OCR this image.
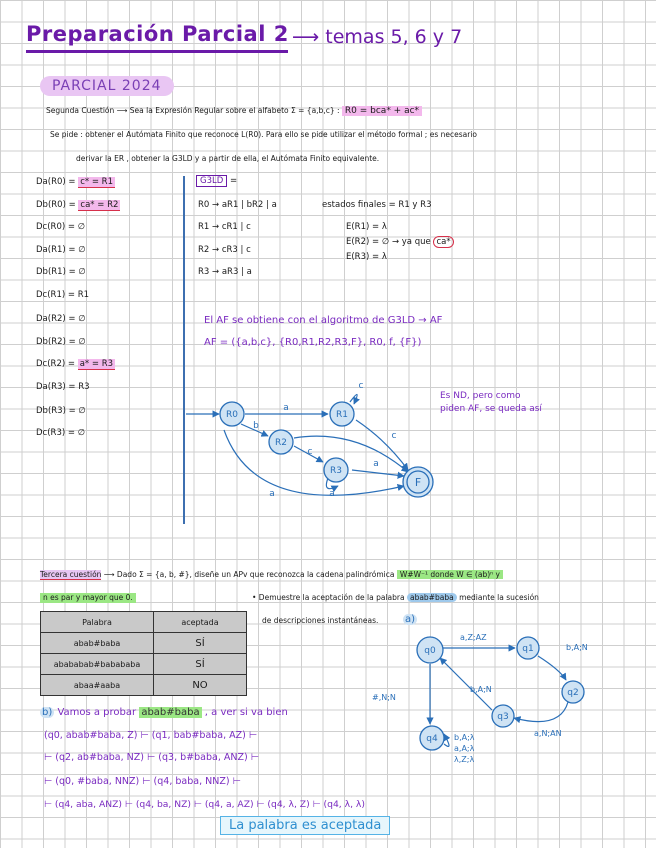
Preparación Parcial 2 ⟶ temas 5, 6 y 7
PARCIAL 2024
Segunda Cuestión ⟶ Sea la Expresión Regular sobre el alfabeto Σ = {a,b,c} : R0 = bca* + ac*
Se pide : obtener el Autómata Finito que reconoce L(R0). Para ello se pide utilizar el método formal ; es necesario
derivar la ER , obtener la G3LD y a partir de ella, el Autómata Finito equivalente.
Da(R0) = c* = R1
Db(R0) = ca* = R2
Dc(R0) = ∅
Da(R1) = ∅
Db(R1) = ∅
Dc(R1) = R1
Da(R2) = ∅
Db(R2) = ∅
Dc(R2) = a* = R3
Da(R3) = R3
Db(R3) = ∅
Dc(R3) = ∅
G3LD =
R0 → aR1 | bR2 | a
R1 → cR1 | c
R2 → cR3 | c
R3 → aR3 | a
estados finales = R1 y R3
E(R1) = λ
E(R2) = ∅ → ya que ca*
E(R3) = λ
El AF se obtiene con el algoritmo de G3LD → AF
AF = ({a,b,c}, {R0,R1,R2,R3,F}, R0, f, {F})
Es ND, pero como
piden AF, se queda así
R0	R1
R2
R3
F
a
c
b
c
c
a
a	a
Tercera cuestión ⟶ Dado Σ = {a, b, #}, diseñe un APv que reconozca la cadena palindrómica W#W⁻¹ donde W ∈ (ab)ⁿ y
n es par y mayor que 0.	• Demuestre la aceptación de la palabra abab#baba mediante la sucesión
de descripciones instantáneas.	a)
Palabra	aceptada
abab#baba	SÍ
abababab#babababa	SÍ
abaa#aaba	NO
q0	q1
q2
q3
q4
a,Z;AZ
b,A;N
b,A;N
a,N;AN
#,N;N
b,A;λ
a,A;λ
λ,Z;λ
b) Vamos a probar abab#baba , a ver si va bien
(q0, abab#baba, Z) ⊢ (q1, bab#baba, AZ) ⊢
⊢ (q2, ab#baba, NZ) ⊢ (q3, b#baba, ANZ) ⊢
⊢ (q0, #baba, NNZ) ⊢ (q4, baba, NNZ) ⊢
⊢ (q4, aba, ANZ) ⊢ (q4, ba, NZ) ⊢ (q4, a, AZ) ⊢ (q4, λ, Z) ⊢ (q4, λ, λ)
La palabra es aceptada
